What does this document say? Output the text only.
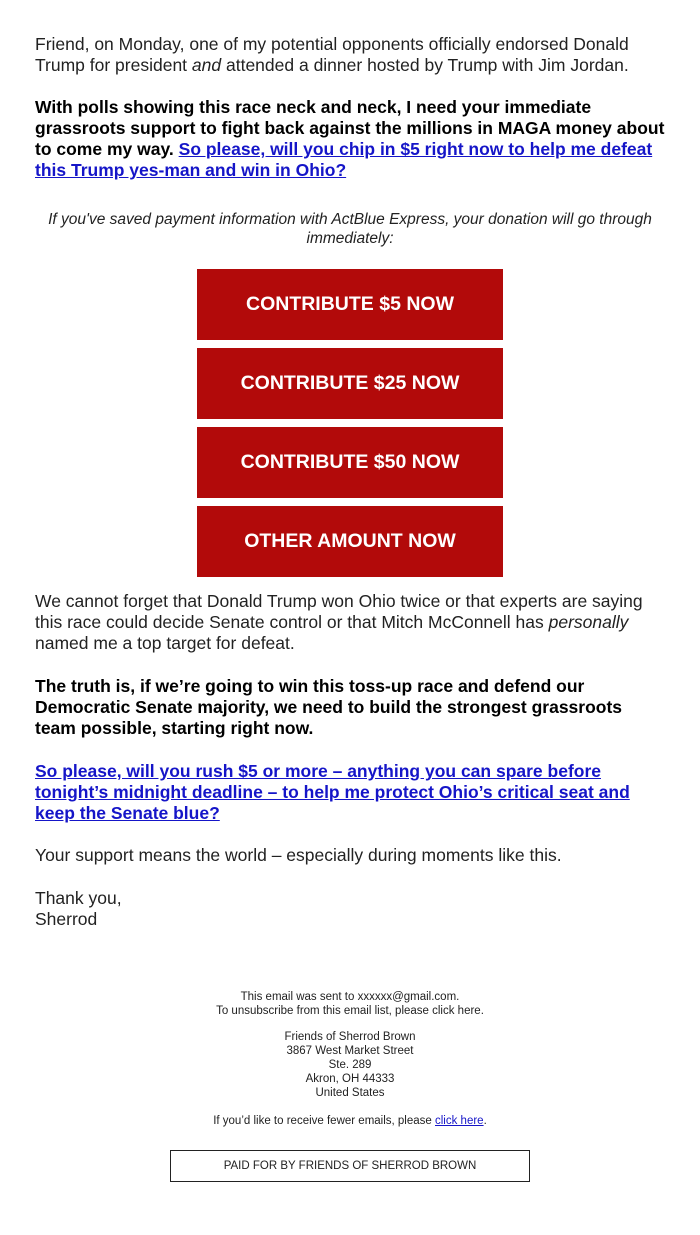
Friend, on Monday, one of my potential opponents officially endorsed Donald Trump for president and attended a dinner hosted by Trump with Jim Jordan.

With polls showing this race neck and neck, I need your immediate grassroots support to fight back against the millions in MAGA money about to come my way. So please, will you chip in $5 right now to help me defeat this Trump yes-man and win in Ohio?

If you've saved payment information with ActBlue Express, your donation will go through immediately:

CONTRIBUTE $5 NOW
CONTRIBUTE $25 NOW
CONTRIBUTE $50 NOW
OTHER AMOUNT NOW

We cannot forget that Donald Trump won Ohio twice or that experts are saying this race could decide Senate control or that Mitch McConnell has personally named me a top target for defeat.

The truth is, if we’re going to win this toss-up race and defend our Democratic Senate majority, we need to build the strongest grassroots team possible, starting right now.

So please, will you rush $5 or more – anything you can spare before tonight’s midnight deadline – to help me protect Ohio’s critical seat and keep the Senate blue?

Your support means the world – especially during moments like this.

Thank you,
Sherrod

This email was sent to xxxxxx@gmail.com.
To unsubscribe from this email list, please click here.
Friends of Sherrod Brown
3867 West Market Street
Ste. 289
Akron, OH 44333
United States
If you’d like to receive fewer emails, please click here.
PAID FOR BY FRIENDS OF SHERROD BROWN
